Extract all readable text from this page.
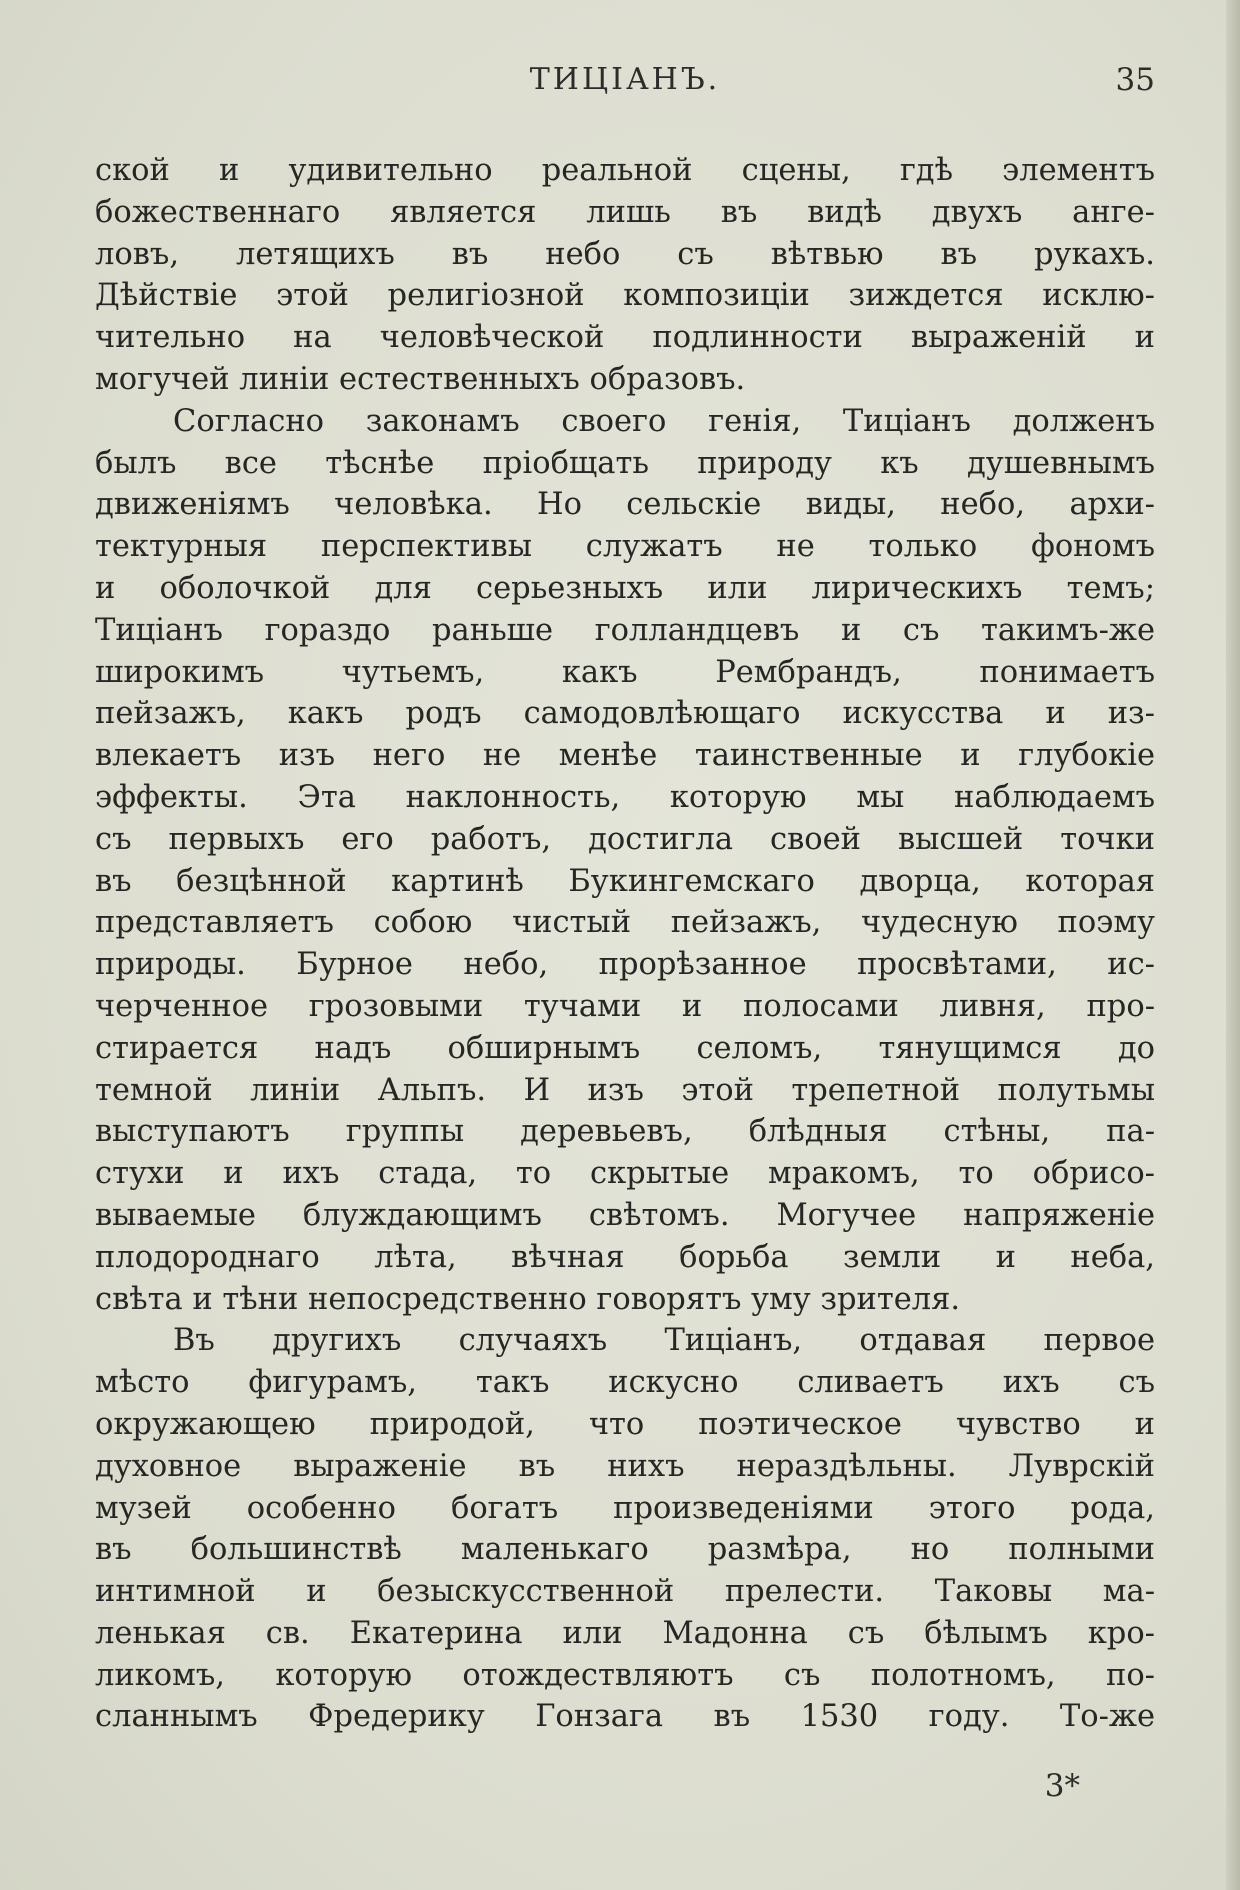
ТИЦІАНЪ.	35

ской и удивительно реальной сцены, гдѣ элементъ
божественнаго является лишь въ видѣ двухъ анге-
ловъ, летящихъ въ небо съ вѣтвью въ рукахъ.
Дѣйствіе этой религіозной композиціи зиждется исклю-
чительно на человѣческой подлинности выраженій и
могучей линіи естественныхъ образовъ.

Согласно законамъ своего генія, Тиціанъ долженъ
былъ все тѣснѣе пріобщать природу къ душевнымъ
движеніямъ человѣка. Но сельскіе виды, небо, архи-
тектурныя перспективы служатъ не только фономъ
и оболочкой для серьезныхъ или лирическихъ темъ;
Тиціанъ гораздо раньше голландцевъ и съ такимъ-же
широкимъ чутьемъ, какъ Рембрандъ, понимаетъ
пейзажъ, какъ родъ самодовлѣющаго искусства и из-
влекаетъ изъ него не менѣе таинственные и глубокіе
эффекты. Эта наклонность, которую мы наблюдаемъ
съ первыхъ его работъ, достигла своей высшей точки
въ безцѣнной картинѣ Букингемскаго дворца, которая
представляетъ собою чистый пейзажъ, чудесную поэму
природы. Бурное небо, прорѣзанное просвѣтами, ис-
черченное грозовыми тучами и полосами ливня, про-
стирается надъ обширнымъ селомъ, тянущимся до
темной линіи Альпъ. И изъ этой трепетной полутьмы
выступаютъ группы деревьевъ, блѣдныя стѣны, па-
стухи и ихъ стада, то скрытые мракомъ, то обрисо-
вываемые блуждающимъ свѣтомъ. Могучее напряженіе
плодороднаго лѣта, вѣчная борьба земли и неба,
свѣта и тѣни непосредственно говорятъ уму зрителя.

Въ другихъ случаяхъ Тиціанъ, отдавая первое
мѣсто фигурамъ, такъ искусно сливаетъ ихъ съ
окружающею природой, что поэтическое чувство и
духовное выраженіе въ нихъ нераздѣльны. Луврскій
музей особенно богатъ произведеніями этого рода,
въ большинствѣ маленькаго размѣра, но полными
интимной и безыскусственной прелести. Таковы ма-
ленькая св. Екатерина или Мадонна съ бѣлымъ кро-
ликомъ, которую отождествляютъ съ полотномъ, по-
сланнымъ Фредерику Гонзага въ 1530 году. То-же

3*
